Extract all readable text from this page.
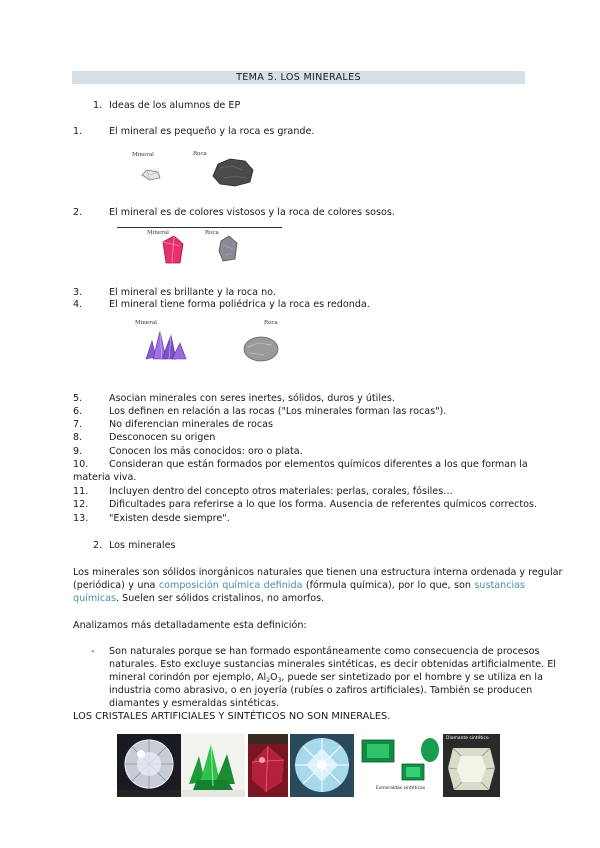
TEMA 5. LOS MINERALES
1. Ideas de los alumnos de EP
1.	El mineral es pequeño y la roca es grande.
Mineral	Roca
2.	El mineral es de colores vistosos y la roca de colores sosos.
Mineral	Roca
3.	El mineral es brillante y la roca no.
4.	El mineral tiene forma poliédrica y la roca es redonda.
Mineral	Roca
5.	Asocian minerales con seres inertes, sólidos, duros y útiles.
6.	Los definen en relación a las rocas ("Los minerales forman las rocas").
7.	No diferencian minerales de rocas
8.	Desconocen su origen
9.	Conocen los más conocidos: oro o plata.
10. Consideran que están formados por elementos químicos diferentes a los que forman la
materia viva.
11. Incluyen dentro del concepto otros materiales: perlas, corales, fósiles…
12. Dificultades para referirse a lo que los forma. Ausencia de referentes químicos correctos.
13. "Existen desde siempre".
2. Los minerales
Los minerales son sólidos inorgánicos naturales que tienen una estructura interna ordenada y regular
(periódica) y una composición química definida (fórmula química), por lo que, son sustancias
químicas. Suelen ser sólidos cristalinos, no amorfos.
Analizamos más detalladamente esta definición:
- Son naturales porque se han formado espontáneamente como consecuencia de procesos
naturales. Esto excluye sustancias minerales sintéticas, es decir obtenidas artificialmente. El
mineral corindón por ejemplo, $Al_2O_3$, puede ser sintetizado por el hombre y se utiliza en la
industria como abrasivo, o en joyería (rubíes o zafiros artificiales). También se producen
diamantes y esmeraldas sintéticas.
LOS CRISTALES ARTIFICIALES Y SINTÉTICOS NO SON MINERALES.
Esmeraldas sintéticas
Diamante sintético
